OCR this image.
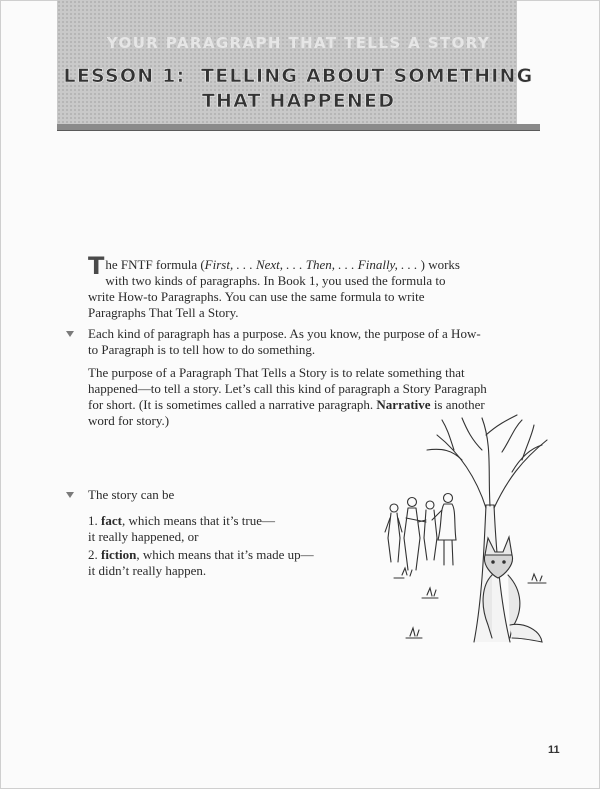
YOUR PARAGRAPH THAT TELLS A STORY
LESSON 1:  TELLING ABOUT SOMETHING
THAT HAPPENED
The FNTF formula (First, . . . Next, . . . Then, . . . Finally, . . . ) works with two kinds of paragraphs. In Book 1, you used the formula to write How-to Paragraphs. You can use the same formula to write Paragraphs That Tell a Story.
Each kind of paragraph has a purpose. As you know, the purpose of a How-to Paragraph is to tell how to do something.
The purpose of a Paragraph That Tells a Story is to relate something that happened—to tell a story. Let’s call this kind of paragraph a Story Paragraph for short. (It is sometimes called a narrative paragraph. Narrative is another word for story.)
The story can be
1. fact, which means that it’s true—
it really happened, or
2. fiction, which means that it’s made up—
it didn’t really happen.
11
